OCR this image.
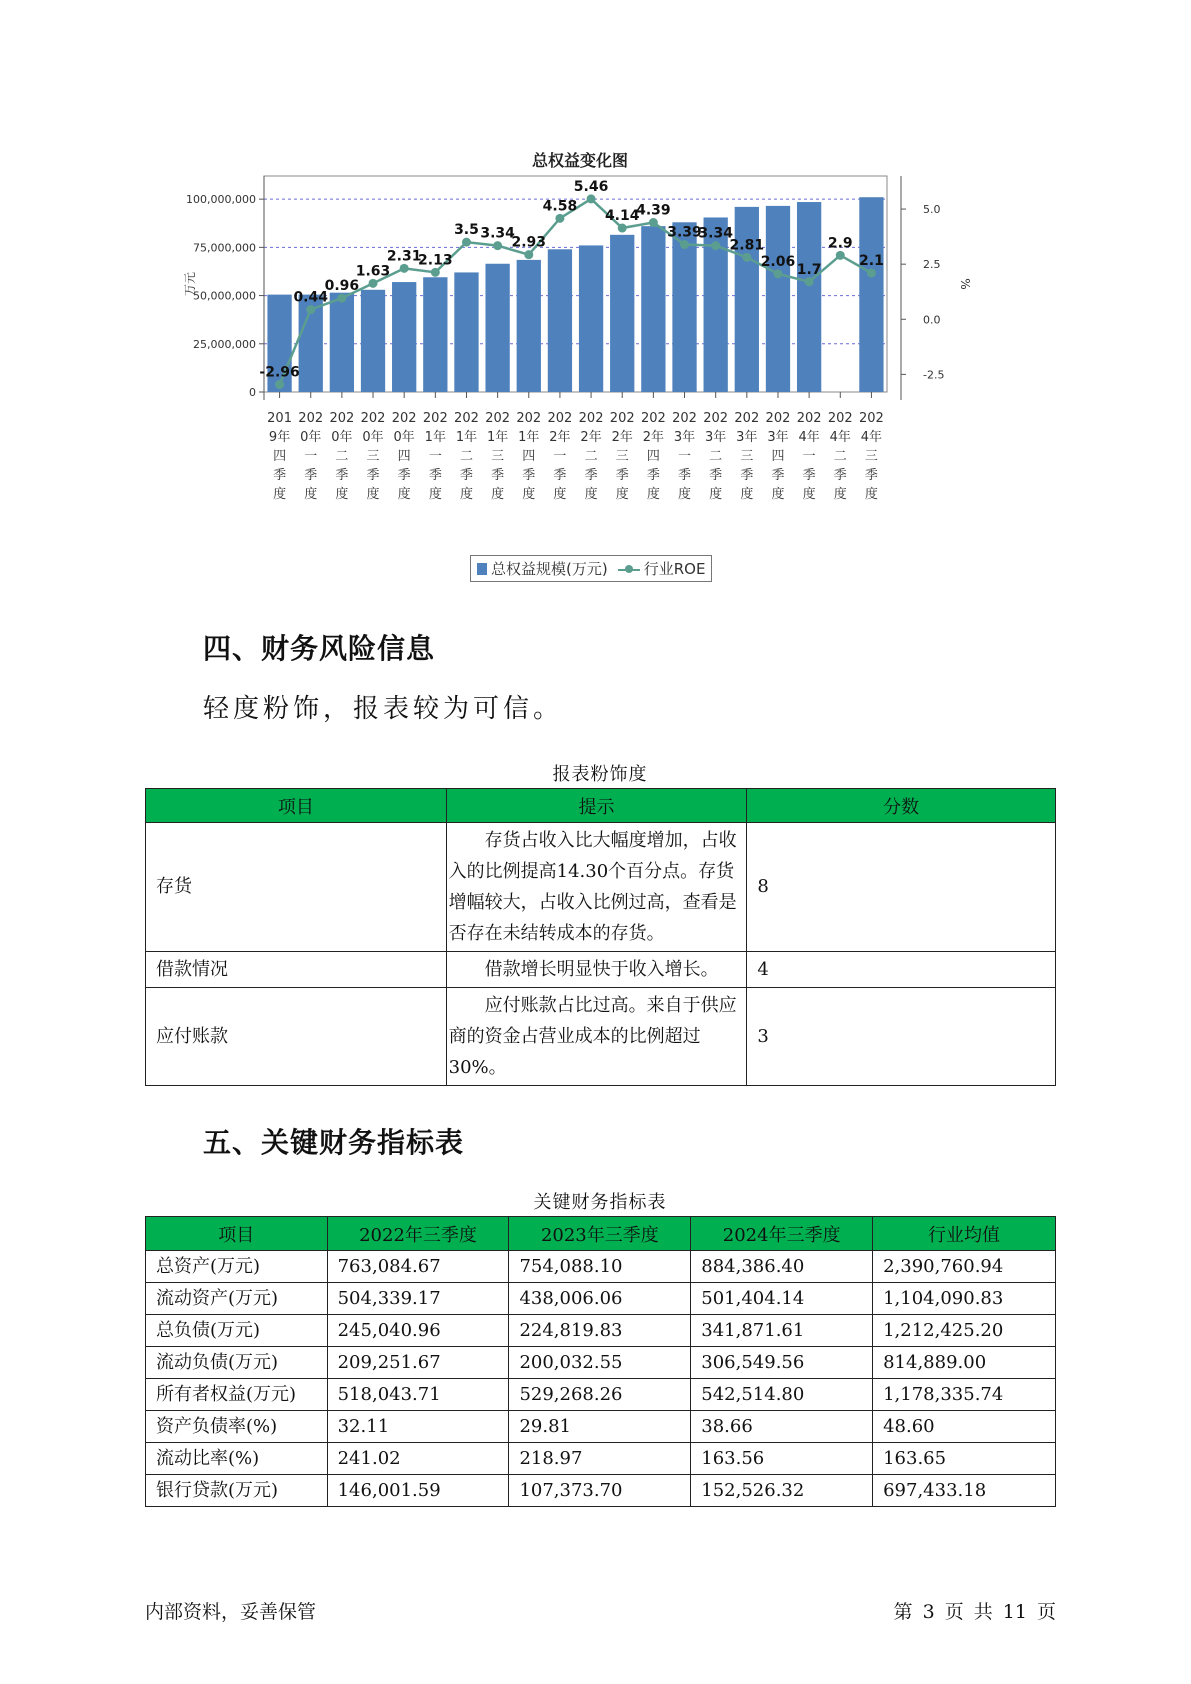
总权益变化图
0
25,000,000
50,000,000
75,000,000
100,000,000
-2.5
0.0
2.5
5.0
万元	%
201
9年
四
季
度
202
0年
一
季
度
202
0年
二
季
度
202
0年
三
季
度
202
0年
四
季
度
202
1年
一
季
度
202
1年
二
季
度
202
1年
三
季
度
202
1年
四
季
度
202
2年
一
季
度
202
2年
二
季
度
202
2年
三
季
度
202
2年
四
季
度
202
3年
一
季
度
202
3年
二
季
度
202
3年
三
季
度
202
3年
四
季
度
202
4年
一
季
度
202
4年
二
季
度
202
4年
三
季
度
-2.96
0.44
0.96
1.63
2.31
2.13
3.5 3.34
2.93
4.58
5.46
4.14
4.39
3.39
3.34
2.81
2.06 1.7
2.9
2.1
总权益规模(万元)	行业ROE
四、财务风险信息

轻度粉饰，报表较为可信。

报表粉饰度
项目	提示	分数
存货	存货占收入比大幅度增加，占收入的比例提高14.30个百分点。存货增幅较大，占收入比例过高，查看是否存在未结转成本的存货。	8
借款情况	借款增长明显快于收入增长。	4
应付账款	应付账款占比过高。来自于供应商的资金占营业成本的比例超过30%。	3
五、关键财务指标表
关键财务指标表
项目	2022年三季度	2023年三季度	2024年三季度	行业均值
总资产(万元)	763,084.67	754,088.10	884,386.40	2,390,760.94
流动资产(万元)	504,339.17	438,006.06	501,404.14	1,104,090.83
总负债(万元)	245,040.96	224,819.83	341,871.61	1,212,425.20
流动负债(万元)	209,251.67	200,032.55	306,549.56	814,889.00
所有者权益(万元)	518,043.71	529,268.26	542,514.80	1,178,335.74
资产负债率(%)	32.11	29.81	38.66	48.60
流动比率(%)	241.02	218.97	163.56	163.65
银行贷款(万元)	146,001.59	107,373.70	152,526.32	697,433.18
内部资料，妥善保管	第 3 页 共 11 页
